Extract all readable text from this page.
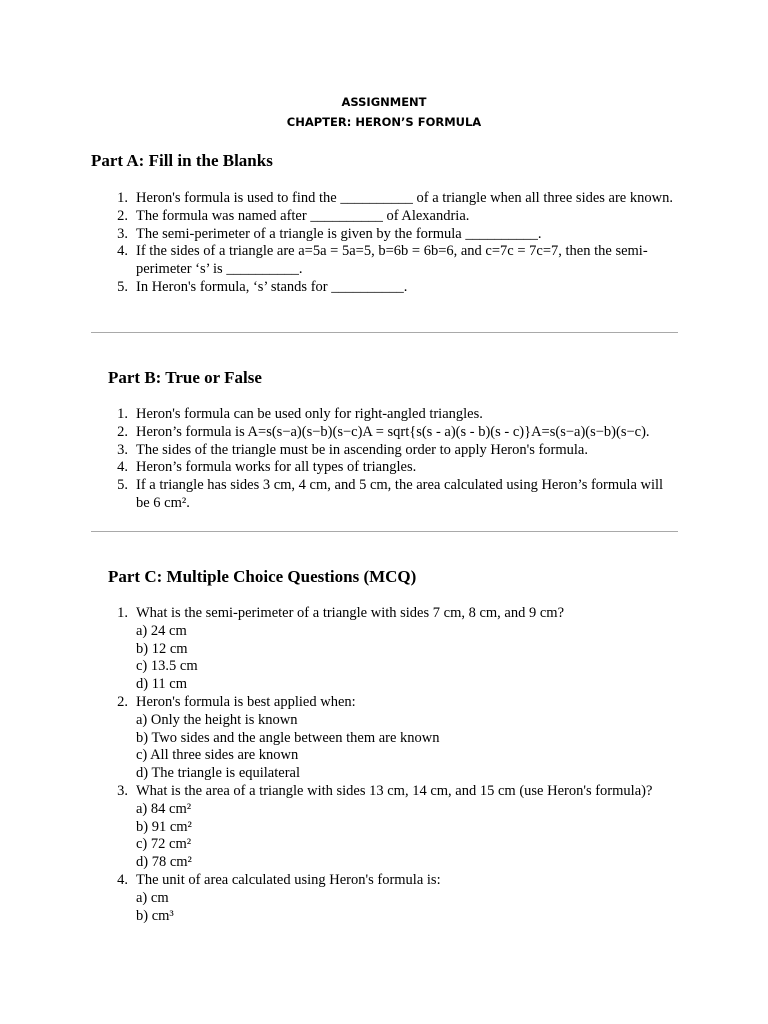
ASSIGNMENT
CHAPTER: HERON’S FORMULA
Part A: Fill in the Blanks
1. Heron's formula is used to find the __________ of a triangle when all three sides are known.
2. The formula was named after __________ of Alexandria.
3. The semi-perimeter of a triangle is given by the formula __________.
4. If the sides of a triangle are a=5a = 5a=5, b=6b = 6b=6, and c=7c = 7c=7, then the semi-perimeter ‘s’ is __________.
5. In Heron's formula, ‘s’ stands for __________.
Part B: True or False
1. Heron's formula can be used only for right-angled triangles.
2. Heron’s formula is A=s(s−a)(s−b)(s−c)A = sqrt{s(s - a)(s - b)(s - c)}A=s(s−a)(s−b)(s−c).
3. The sides of the triangle must be in ascending order to apply Heron's formula.
4. Heron’s formula works for all types of triangles.
5. If a triangle has sides 3 cm, 4 cm, and 5 cm, the area calculated using Heron’s formula will be 6 cm².
Part C: Multiple Choice Questions (MCQ)
1. What is the semi-perimeter of a triangle with sides 7 cm, 8 cm, and 9 cm?
a) 24 cm
b) 12 cm
c) 13.5 cm
d) 11 cm
2. Heron's formula is best applied when:
a) Only the height is known
b) Two sides and the angle between them are known
c) All three sides are known
d) The triangle is equilateral
3. What is the area of a triangle with sides 13 cm, 14 cm, and 15 cm (use Heron's formula)?
a) 84 cm²
b) 91 cm²
c) 72 cm²
d) 78 cm²
4. The unit of area calculated using Heron's formula is:
a) cm
b) cm³
